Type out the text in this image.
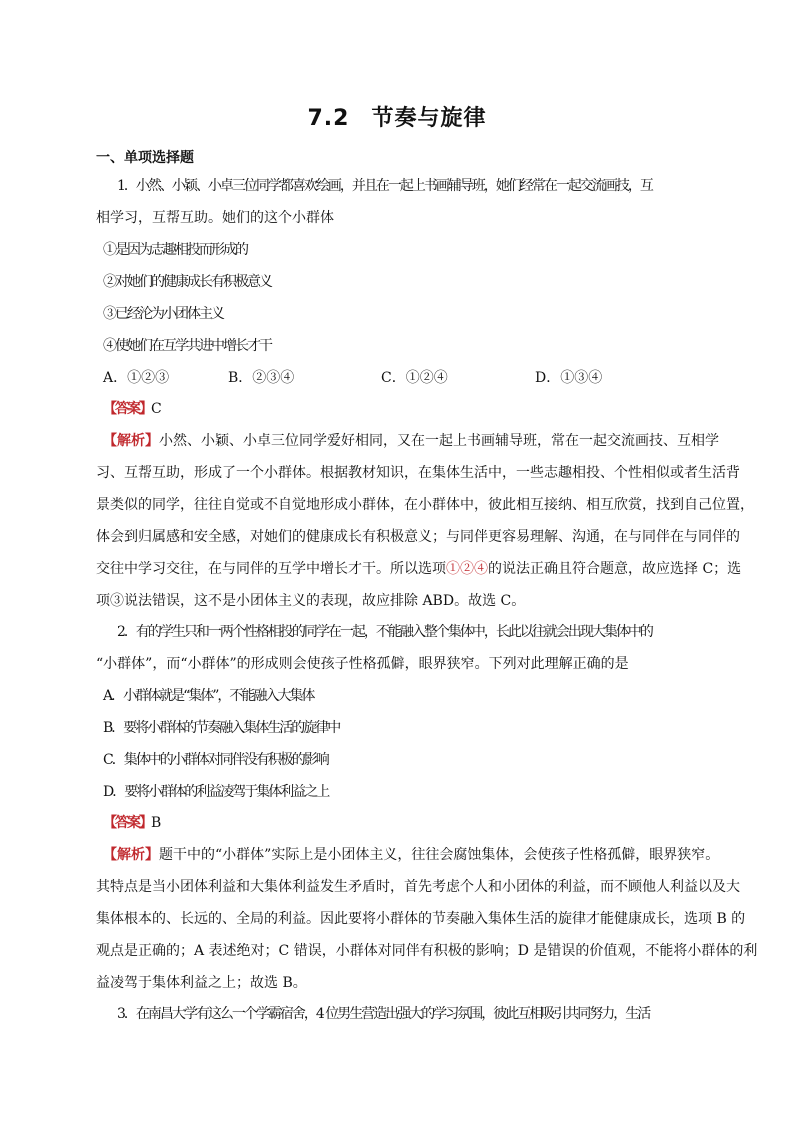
7.2 节奏与旋律
一、单项选择题
1．小然、小颖、小卓三位同学都喜欢绘画，并且在一起上书画辅导班，她们经常在一起交流画技，互
相学习，互帮互助。她们的这个小群体
①是因为志趣相投而形成的
②对她们的健康成长有积极意义
③已经沦为小团体主义
④使她们在互学共进中增长才干
A．①②③	B．②③④	C．①②④	D．①③④
【答案】C
【解析】小然、小颖、小卓三位同学爱好相同，又在一起上书画辅导班，常在一起交流画技、互相学
习、互帮互助，形成了一个小群体。根据教材知识，在集体生活中，一些志趣相投、个性相似或者生活背
景类似的同学，往往自觉或不自觉地形成小群体，在小群体中，彼此相互接纳、相互欣赏，找到自己位置，
体会到归属感和安全感，对她们的健康成长有积极意义；与同伴更容易理解、沟通，在与同伴在与同伴的
交往中学习交往，在与同伴的互学中增长才干。所以选项①②④的说法正确且符合题意，故应选择 C；选
项③说法错误，这不是小团体主义的表现，故应排除 ABD。故选 C。
2．有的学生只和一两个性格相投的同学在一起，不能融入整个集体中，长此以往就会出现大集体中的
“小群体”，而“小群体”的形成则会使孩子性格孤僻，眼界狭窄。下列对此理解正确的是
A．小群体就是“集体”，不能融入大集体
B．要将小群体的节奏融入集体生活的旋律中
C．集体中的小群体对同伴没有积极的影响
D．要将小群体的利益凌驾于集体利益之上
【答案】B
【解析】题干中的“小群体”实际上是小团体主义，往往会腐蚀集体，会使孩子性格孤僻，眼界狭窄。
其特点是当小团体利益和大集体利益发生矛盾时，首先考虑个人和小团体的利益，而不顾他人利益以及大
集体根本的、长远的、全局的利益。因此要将小群体的节奏融入集体生活的旋律才能健康成长，选项 B 的
观点是正确的；A 表述绝对；C 错误，小群体对同伴有积极的影响；D 是错误的价值观，不能将小群体的利
益凌驾于集体利益之上；故选 B。
3．在南昌大学有这么一个学霸宿舍，4 位男生营造出强大的学习氛围，彼此互相吸引共同努力，生活
